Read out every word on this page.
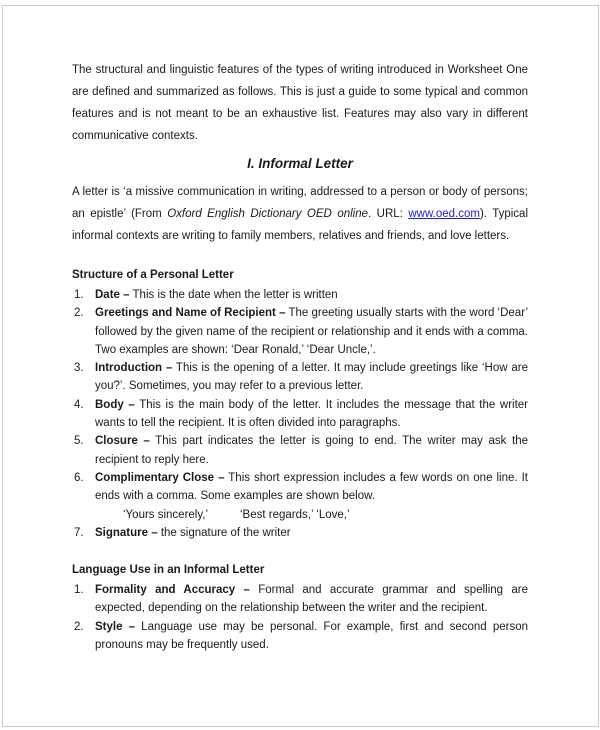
The structural and linguistic features of the types of writing introduced in Worksheet One are defined and summarized as follows. This is just a guide to some typical and common features and is not meant to be an exhaustive list. Features may also vary in different communicative contexts.

I. Informal Letter

A letter is ‘a missive communication in writing, addressed to a person or body of persons; an epistle’ (From Oxford English Dictionary OED online. URL: www.oed.com). Typical informal contexts are writing to family members, relatives and friends, and love letters.

Structure of a Personal Letter
1. Date – This is the date when the letter is written
2. Greetings and Name of Recipient – The greeting usually starts with the word ‘Dear’ followed by the given name of the recipient or relationship and it ends with a comma. Two examples are shown: ‘Dear Ronald,’ ‘Dear Uncle,’.
3. Introduction – This is the opening of a letter. It may include greetings like ‘How are you?’. Sometimes, you may refer to a previous letter.
4. Body – This is the main body of the letter. It includes the message that the writer wants to tell the recipient. It is often divided into paragraphs.
5. Closure – This part indicates the letter is going to end. The writer may ask the recipient to reply here.
6. Complimentary Close – This short expression includes a few words on one line. It ends with a comma. Some examples are shown below.
‘Yours sincerely,’	‘Best regards,’ ‘Love,’
7. Signature – the signature of the writer
Language Use in an Informal Letter
1. Formality and Accuracy – Formal and accurate grammar and spelling are expected, depending on the relationship between the writer and the recipient.
2. Style – Language use may be personal. For example, first and second person pronouns may be frequently used.
